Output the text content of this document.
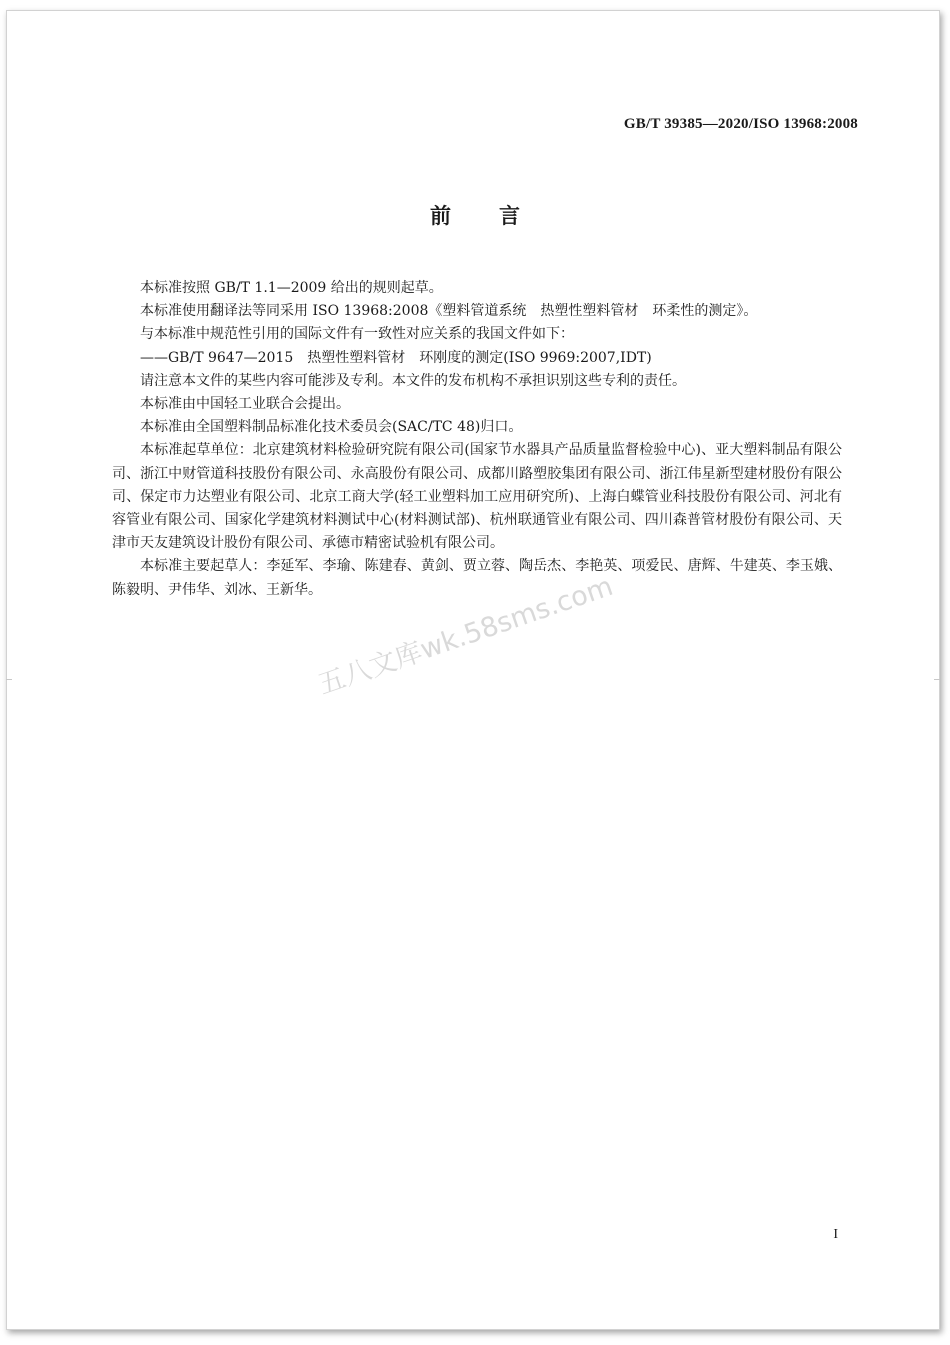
GB/T 39385—2020/ISO 13968:2008
前言

本标准按照 GB/T 1.1—2009 给出的规则起草。

本标准使用翻译法等同采用 ISO 13968:2008《塑料管道系统　热塑性塑料管材　环柔性的测定》。

与本标准中规范性引用的国际文件有一致性对应关系的我国文件如下：

——GB/T 9647—2015　热塑性塑料管材　环刚度的测定(ISO 9969:2007,IDT)

请注意本文件的某些内容可能涉及专利。本文件的发布机构不承担识别这些专利的责任。

本标准由中国轻工业联合会提出。

本标准由全国塑料制品标准化技术委员会(SAC/TC 48)归口。

本标准起草单位：北京建筑材料检验研究院有限公司(国家节水器具产品质量监督检验中心)、亚大塑料制品有限公司、浙江中财管道科技股份有限公司、永高股份有限公司、成都川路塑胶集团有限公司、浙江伟星新型建材股份有限公司、保定市力达塑业有限公司、北京工商大学(轻工业塑料加工应用研究所)、上海白蝶管业科技股份有限公司、河北有容管业有限公司、国家化学建筑材料测试中心(材料测试部)、杭州联通管业有限公司、四川森普管材股份有限公司、天津市天友建筑设计股份有限公司、承德市精密试验机有限公司。

本标准主要起草人：李延军、李瑜、陈建春、黄剑、贾立蓉、陶岳杰、李艳英、项爱民、唐辉、牛建英、李玉娥、陈毅明、尹伟华、刘冰、王新华。

五八文库wk.58sms.com
I
